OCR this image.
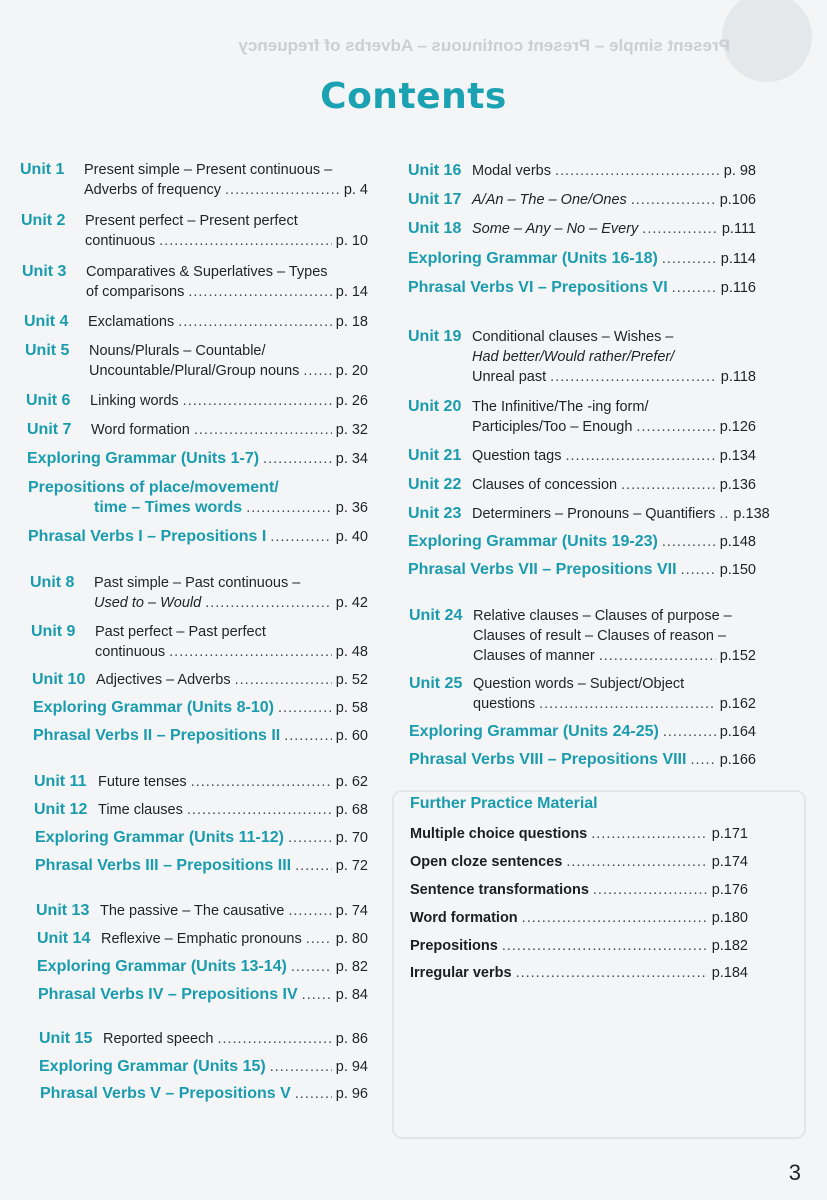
Present simple – Present continuous – Adverbs of frequency
Contents
Unit 1	Present simple – Present continuous –
Adverbs of frequency .....	p. 4
Unit 2	Present perfect – Present perfect
continuous .....	p. 10
Unit 3	Comparatives & Superlatives – Types
of comparisons .....	p. 14
Unit 4	Exclamations .....	p. 18
Unit 5	Nouns/Plurals – Countable/
Uncountable/Plural/Group nouns .....	p. 20
Unit 6	Linking words .....	p. 26
Unit 7	Word formation .....	p. 32
Exploring Grammar (Units 1-7) .....	p. 34
Prepositions of place/movement/
time – Times words .....	p. 36
Phrasal Verbs I – Prepositions I .....	p. 40
Unit 8	Past simple – Past continuous –
Used to – Would .....	p. 42
Unit 9	Past perfect – Past perfect
continuous .....	p. 48
Unit 10 Adjectives – Adverbs .....	p. 52
Exploring Grammar (Units 8-10) .....	p. 58
Phrasal Verbs II – Prepositions II .....	p. 60
Unit 11 Future tenses .....	p. 62
Unit 12 Time clauses .....	p. 68
Exploring Grammar (Units 11-12) .....	p. 70
Phrasal Verbs III – Prepositions III .....	p. 72
Unit 13 The passive – The causative .....	p. 74
Unit 14 Reflexive – Emphatic pronouns ..... p. 80
Exploring Grammar (Units 13-14) .....	p. 82
Phrasal Verbs IV – Prepositions IV .....	p. 84
Unit 15 Reported speech .....	p. 86
Exploring Grammar (Units 15) .....	p. 94
Phrasal Verbs V – Prepositions V .....	p. 96
Unit 16 Modal verbs .....	p. 98
Unit 17 A/An – The – One/Ones .....	p.106
Unit 18 Some – Any – No – Every .....	p.111
Exploring Grammar (Units 16-18) .....	p.114
Phrasal Verbs VI – Prepositions VI .....	p.116
Unit 19 Conditional clauses – Wishes –
Had better/Would rather/Prefer/
Unreal past .....	p.118
Unit 20 The Infinitive/The -ing form/
Participles/Too – Enough .....	p.126
Unit 21 Question tags .....	p.134
Unit 22 Clauses of concession .....	p.136
Unit 23 Determiners – Pronouns – Quantifiers ..... p.138
Exploring Grammar (Units 19-23) .....	p.148
Phrasal Verbs VII – Prepositions VII .....	p.150
Unit 24 Relative clauses – Clauses of purpose –
Clauses of result – Clauses of reason –
Clauses of manner .....	p.152
Unit 25 Question words – Subject/Object
questions .....	p.162
Exploring Grammar (Units 24-25) .....	p.164
Phrasal Verbs VIII – Prepositions VIII ..... p.166
Further Practice Material
Multiple choice questions .....	p.171
Open cloze sentences .....	p.174
Sentence transformations .....	p.176
Word formation .....	p.180
Prepositions .....	p.182
Irregular verbs .....	p.184
3
